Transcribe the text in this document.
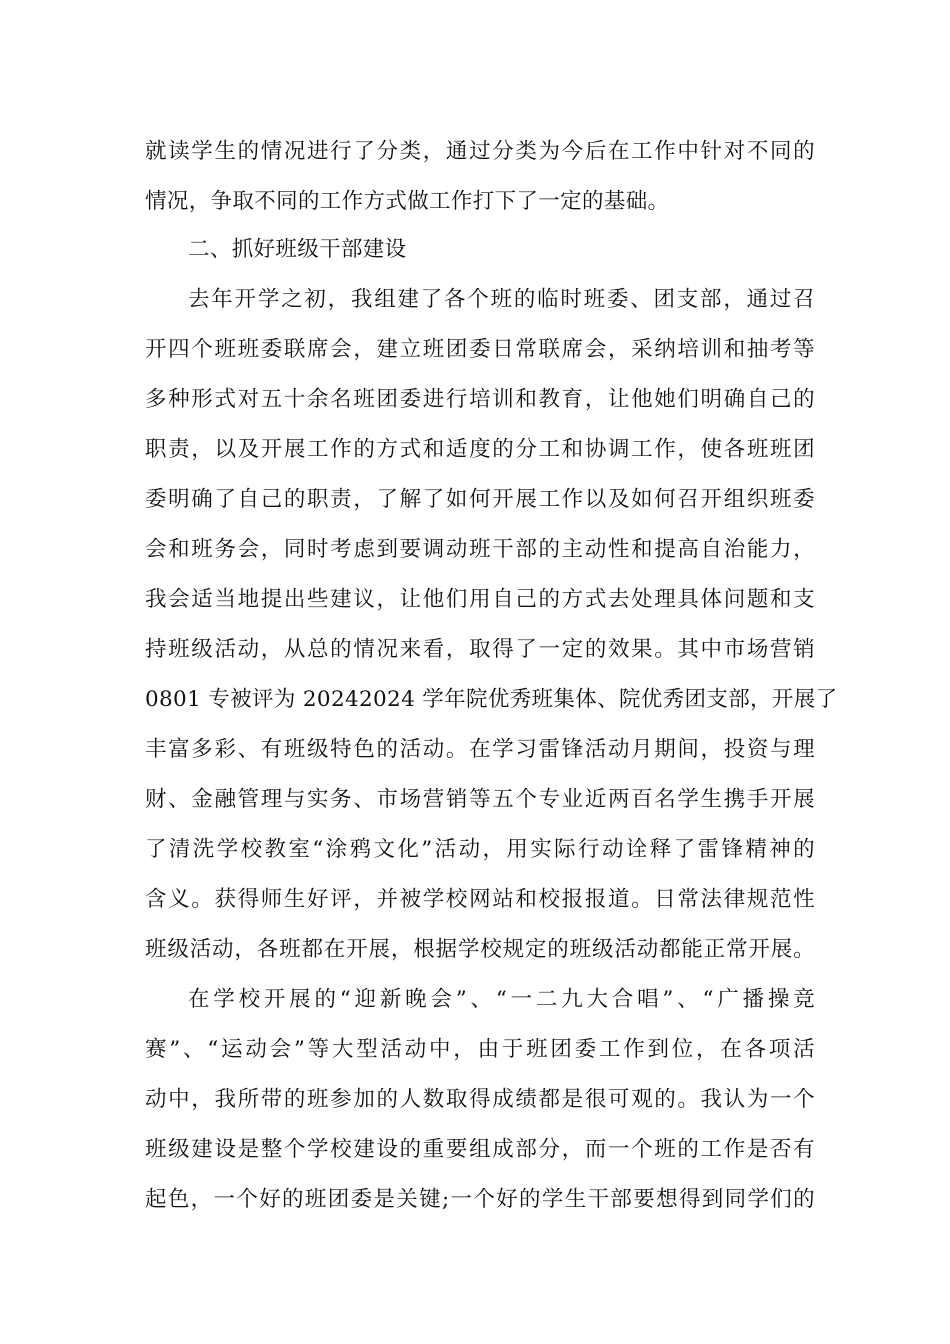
就读学生的情况进行了分类，通过分类为今后在工作中针对不同的
情况，争取不同的工作方式做工作打下了一定的基础。
二、抓好班级干部建设
去年开学之初，我组建了各个班的临时班委、团支部，通过召
开四个班班委联席会，建立班团委日常联席会，采纳培训和抽考等
多种形式对五十余名班团委进行培训和教育，让他她们明确自己的
职责，以及开展工作的方式和适度的分工和协调工作，使各班班团
委明确了自己的职责，了解了如何开展工作以及如何召开组织班委
会和班务会，同时考虑到要调动班干部的主动性和提高自治能力，
我会适当地提出些建议，让他们用自己的方式去处理具体问题和支
持班级活动，从总的情况来看，取得了一定的效果。其中市场营销
0801 专被评为 20242024 学年院优秀班集体、院优秀团支部，开展了
丰富多彩、有班级特色的活动。在学习雷锋活动月期间，投资与理
财、金融管理与实务、市场营销等五个专业近两百名学生携手开展
了清洗学校教室“涂鸦文化”活动，用实际行动诠释了雷锋精神的
含义。获得师生好评，并被学校网站和校报报道。日常法律规范性
班级活动，各班都在开展，根据学校规定的班级活动都能正常开展。
在学校开展的“迎新晚会”、“一二九大合唱”、“广播操竞
赛”、“运动会”等大型活动中，由于班团委工作到位，在各项活
动中，我所带的班参加的人数取得成绩都是很可观的。我认为一个
班级建设是整个学校建设的重要组成部分，而一个班的工作是否有
起色，一个好的班团委是关键;一个好的学生干部要想得到同学们的
